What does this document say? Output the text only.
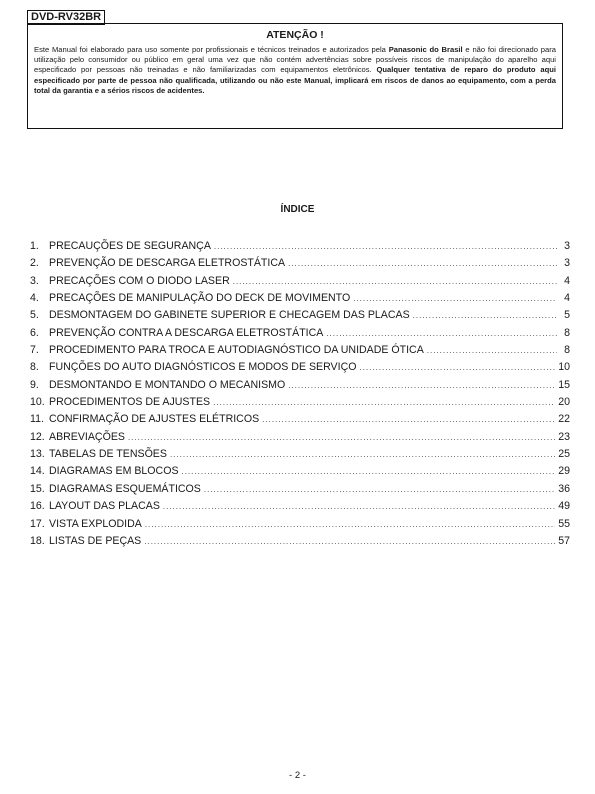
DVD-RV32BR
ATENÇÃO !

Este Manual foi elaborado para uso somente por profissionais e técnicos treinados e autorizados pela Panasonic do Brasil e não foi direcionado para utilização pelo consumidor ou público em geral uma vez que não contém advertências sobre possíveis riscos de manipulação do aparelho aqui especificado por pessoas não treinadas e não familiarizadas com equipamentos eletrônicos. Qualquer tentativa de reparo do produto aqui especificado por parte de pessoa não qualificada, utilizando ou não este Manual, implicará em riscos de danos ao equipamento, com a perda total da garantia e a sérios riscos de acidentes.

ÍNDICE
1. PRECAUÇÕES DE SEGURANÇA .....	3
2. PREVENÇÃO DE DESCARGA ELETROSTÁTICA .....	3
3. PRECAÇÕES COM O DIODO LASER .....	4
4. PRECAÇÕES DE MANIPULAÇÃO DO DECK DE MOVIMENTO .....	4
5. DESMONTAGEM DO GABINETE SUPERIOR E CHECAGEM DAS PLACAS .....	5
6. PREVENÇÃO CONTRA A DESCARGA ELETROSTÁTICA .....	8
7. PROCEDIMENTO PARA TROCA E AUTODIAGNÓSTICO DA UNIDADE ÓTICA .....	8
8. FUNÇÕES DO AUTO DIAGNÓSTICOS E MODOS DE SERVIÇO .....	10
9. DESMONTANDO E MONTANDO O MECANISMO .....	15
10. PROCEDIMENTOS DE AJUSTES .....	20
11. CONFIRMAÇÃO DE AJUSTES ELÉTRICOS .....	22
12. ABREVIAÇÕES .....	23
13. TABELAS DE TENSÕES .....	25
14. DIAGRAMAS EM BLOCOS .....	29
15. DIAGRAMAS ESQUEMÁTICOS .....	36
16. LAYOUT DAS PLACAS .....	49
17. VISTA EXPLODIDA .....	55
18. LISTAS DE PEÇAS .....	57
- 2 -
